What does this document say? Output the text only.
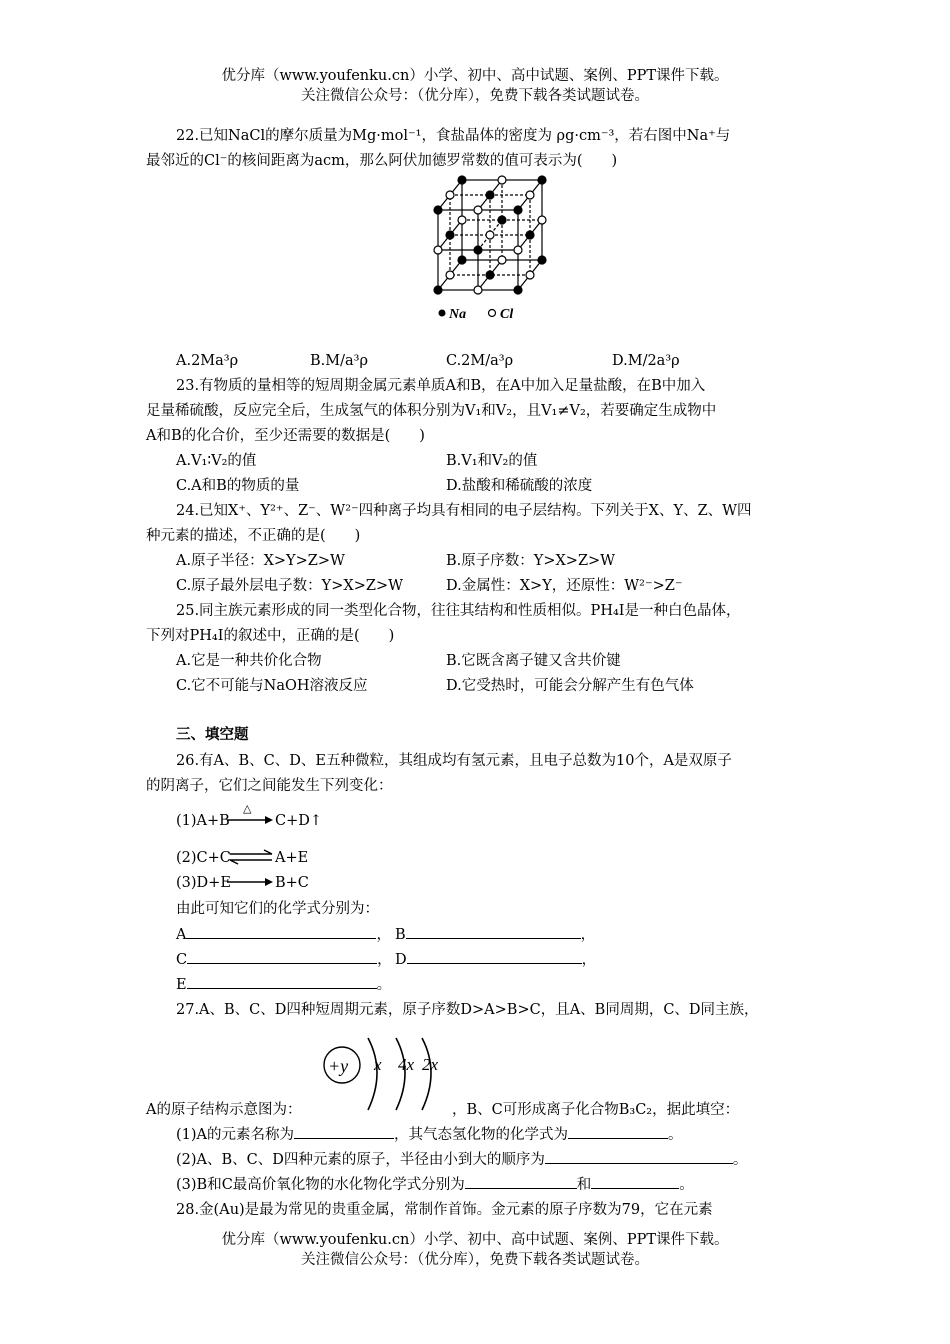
优分库（www.youfenku.cn）小学、初中、高中试题、案例、PPT课件下载。
关注微信公众号：（优分库），免费下载各类试题试卷。
22.已知NaCl的摩尔质量为Mg·mol⁻¹，食盐晶体的密度为 ρg·cm⁻³，若右图中Na⁺与
最邻近的Cl⁻的核间距离为acm，那么阿伏加德罗常数的值可表示为(　　)
Na Cl
A.2Ma³ρ	B.M/a³ρ	C.2M/a³ρ	D.M/2a³ρ
23.有物质的量相等的短周期金属元素单质A和B，在A中加入足量盐酸，在B中加入
足量稀硫酸，反应完全后，生成氢气的体积分别为V₁和V₂，且V₁≠V₂，若要确定生成物中
A和B的化合价，至少还需要的数据是(　　)
A.V₁∶V₂的值	B.V₁和V₂的值
C.A和B的物质的量	D.盐酸和稀硫酸的浓度
24.已知X⁺、Y²⁺、Z⁻、W²⁻四种离子均具有相同的电子层结构。下列关于X、Y、Z、W四
种元素的描述，不正确的是(　　)
A.原子半径：X>Y>Z>W	B.原子序数：Y>X>Z>W
C.原子最外层电子数：Y>X>Z>W	D.金属性：X>Y，还原性：W²⁻>Z⁻
25.同主族元素形成的同一类型化合物，往往其结构和性质相似。PH₄I是一种白色晶体，
下列对PH₄I的叙述中，正确的是(　　)
A.它是一种共价化合物	B.它既含离子键又含共价键
C.它不可能与NaOH溶液反应	D.它受热时，可能会分解产生有色气体
三、填空题
26.有A、B、C、D、E五种微粒，其组成均有氢元素，且电子总数为10个，A是双原子
的阴离子，它们之间能发生下列变化：
(1)A+B
△
C+D↑
(2)C+C ⇌ A+E
(3)D+E	B+C
由此可知它们的化学式分别为：
A	， B	，
C	， D	，
E	。
27.A、B、C、D四种短周期元素，原子序数D>A>B>C，且A、B同周期，C、D同主族，
+y x 4x 2x
A的原子结构示意图为：	，B、C可形成离子化合物B₃C₂，据此填空：
(1)A的元素名称为	，其气态氢化物的化学式为	。
(2)A、B、C、D四种元素的原子，半径由小到大的顺序为	。
(3)B和C最高价氧化物的水化物化学式分别为	和	。
28.金(Au)是最为常见的贵重金属，常制作首饰。金元素的原子序数为79，它在元素
优分库（www.youfenku.cn）小学、初中、高中试题、案例、PPT课件下载。
关注微信公众号：（优分库），免费下载各类试题试卷。
